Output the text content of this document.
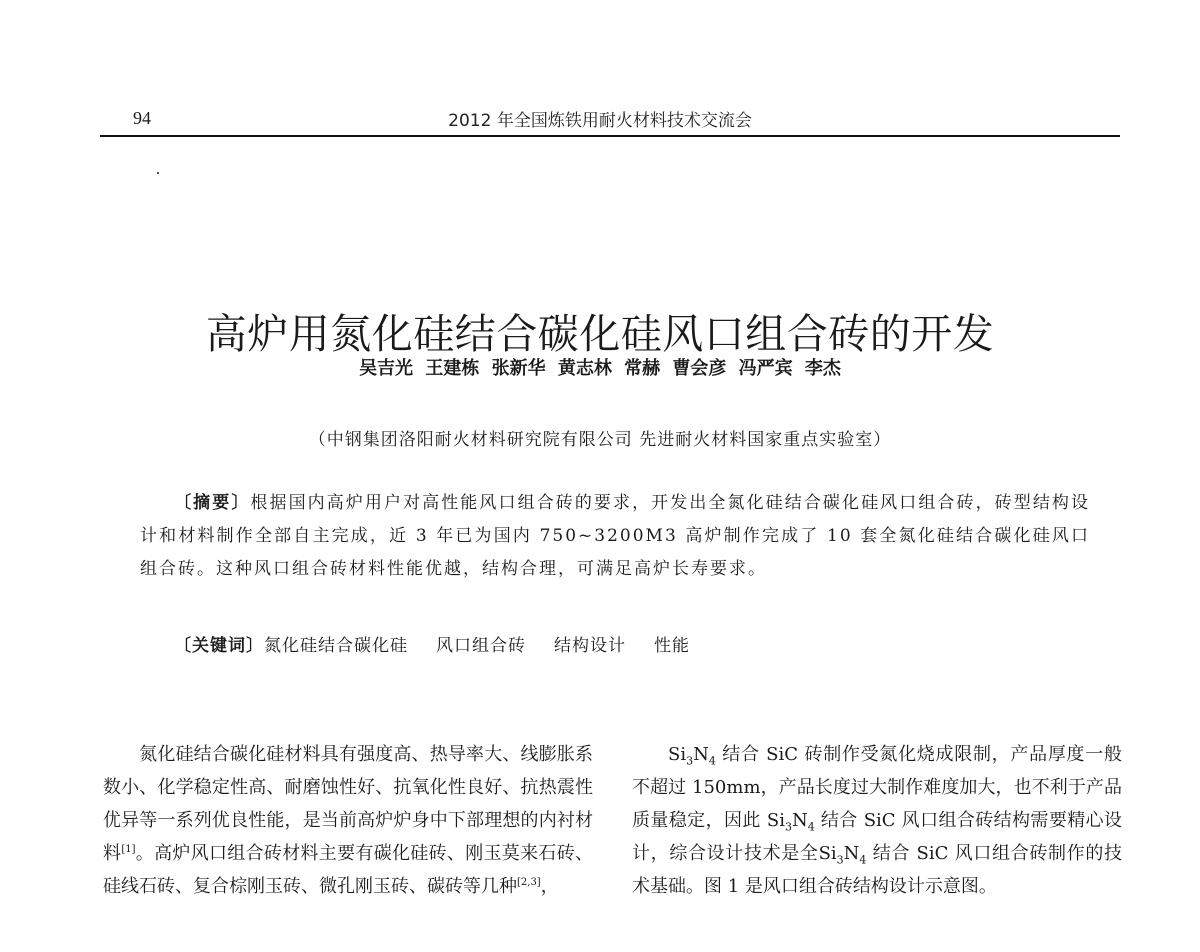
94	2012 年全国炼铁用耐火材料技术交流会
高炉用氮化硅结合碳化硅风口组合砖的开发
吴吉光 王建栋 张新华 黄志林 常赫 曹会彦 冯严宾 李杰
（中钢集团洛阳耐火材料研究院有限公司 先进耐火材料国家重点实验室）

〔摘要〕根据国内高炉用户对高性能风口组合砖的要求，开发出全氮化硅结合碳化硅风口组合砖，砖型结构设计和材料制作全部自主完成，近 3 年已为国内 750~3200M3 高炉制作完成了 10 套全氮化硅结合碳化硅风口组合砖。这种风口组合砖材料性能优越，结构合理，可满足高炉长寿要求。

〔关键词〕氮化硅结合碳化硅 风口组合砖 结构设计 性能

氮化硅结合碳化硅材料具有强度高、热导率大、线膨胀系数小、化学稳定性高、耐磨蚀性好、抗氧化性良好、抗热震性优异等一系列优良性能，是当前高炉炉身中下部理想的内衬材料[1]。高炉风口组合砖材料主要有碳化硅砖、刚玉莫来石砖、硅线石砖、复合棕刚玉砖、微孔刚玉砖、碳砖等几种[2,3]，

$Si_3N_4$ 结合 SiC 砖制作受氮化烧成限制，产品厚度一般不超过 150mm，产品长度过大制作难度加大，也不利于产品质量稳定，因此 $Si_3N_4$ 结合 SiC 风口组合砖结构需要精心设计，综合设计技术是全$Si_3N_4$ 结合 SiC 风口组合砖制作的技术基础。图 1 是风口组合砖结构设计示意图。
